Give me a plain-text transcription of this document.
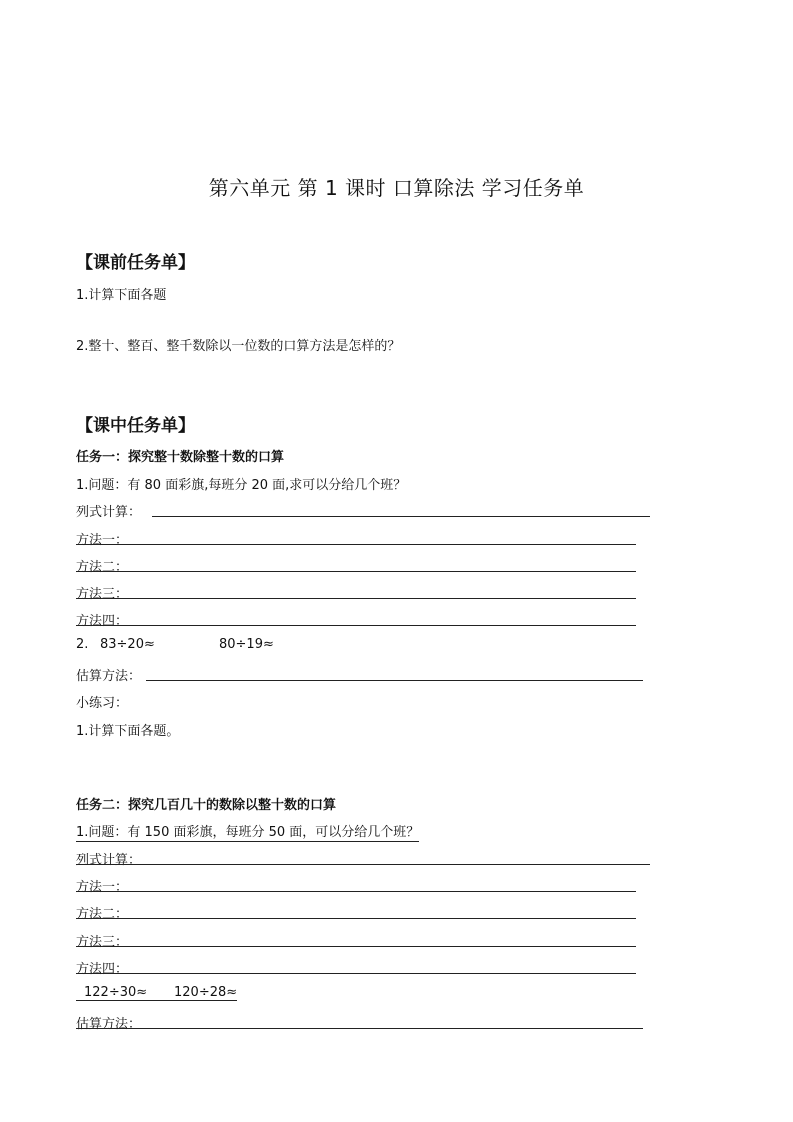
第六单元 第 1 课时 口算除法 学习任务单
【课前任务单】
1.计算下面各题
2.整十、整百、整千数除以一位数的口算方法是怎样的？
【课中任务单】
任务一：探究整十数除整十数的口算
1.问题：有 80 面彩旗,每班分 20 面,求可以分给几个班？
列式计算：
方法一：
方法二：
方法三：
方法四：
2. 83÷20≈	80÷19≈
估算方法：
小练习：
1.计算下面各题。
任务二：探究几百几十的数除以整十数的口算
1.问题：有 150 面彩旗，每班分 50 面，可以分给几个班？
列式计算：
方法一：
方法二：
方法三：
方法四：
122÷30≈ 120÷28≈
估算方法：
